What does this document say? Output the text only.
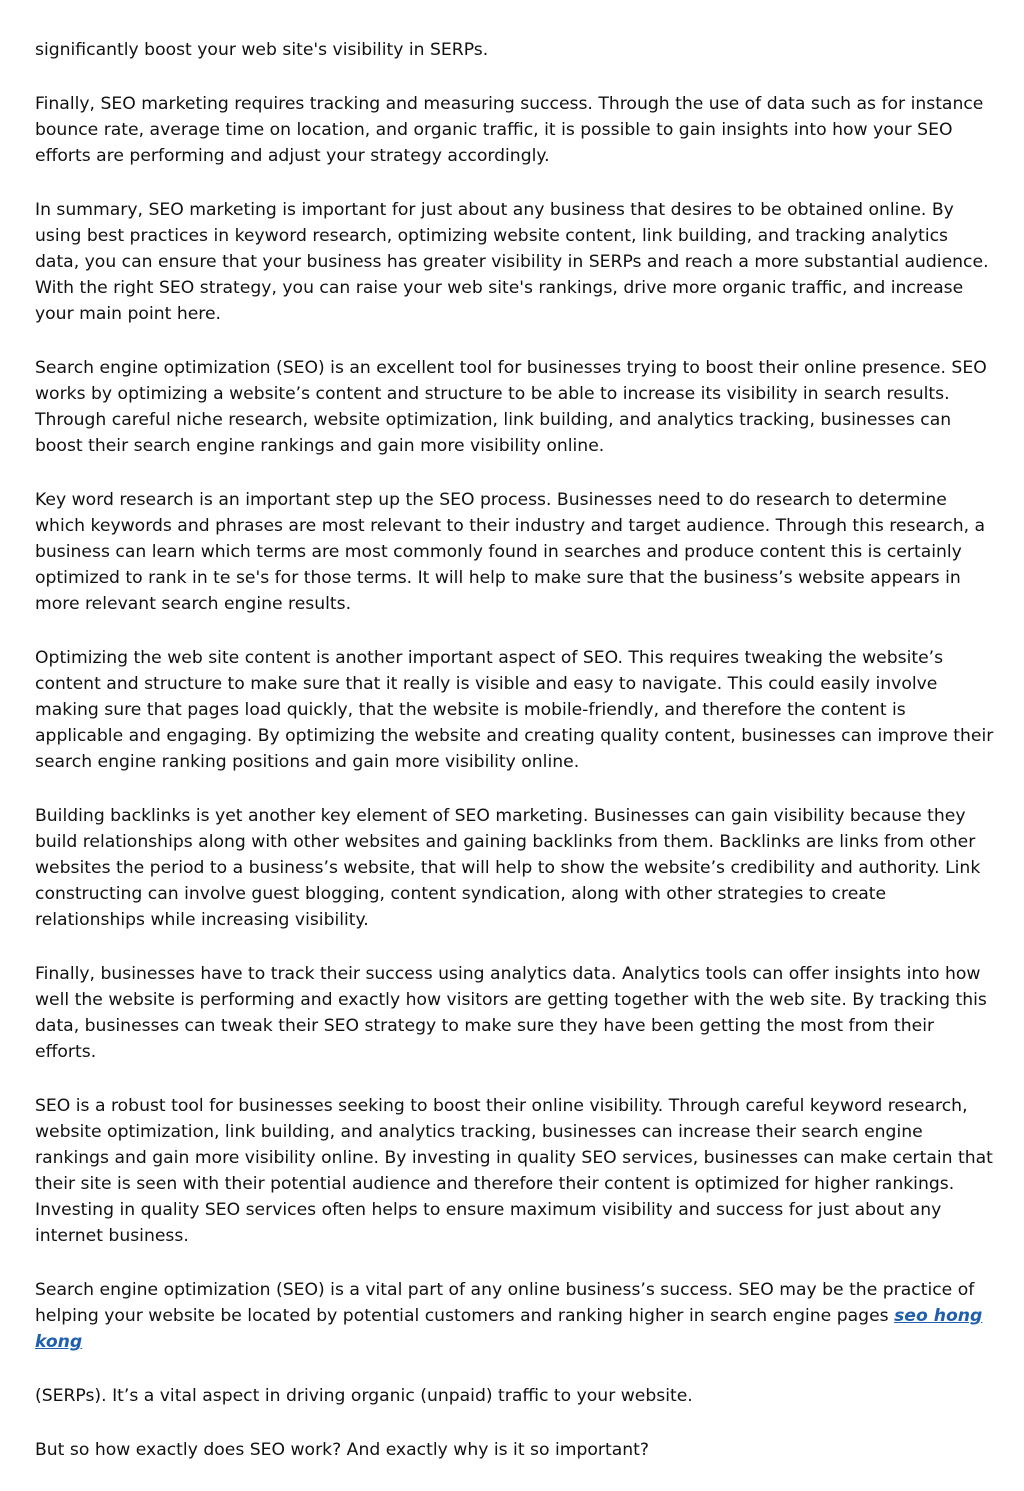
significantly boost your web site's visibility in SERPs.

Finally, SEO marketing requires tracking and measuring success. Through the use of data such as for instance bounce rate, average time on location, and organic traffic, it is possible to gain insights into how your SEO efforts are performing and adjust your strategy accordingly.

In summary, SEO marketing is important for just about any business that desires to be obtained online. By using best practices in keyword research, optimizing website content, link building, and tracking analytics data, you can ensure that your business has greater visibility in SERPs and reach a more substantial audience. With the right SEO strategy, you can raise your web site's rankings, drive more organic traffic, and increase your main point here.

Search engine optimization (SEO) is an excellent tool for businesses trying to boost their online presence. SEO works by optimizing a website’s content and structure to be able to increase its visibility in search results. Through careful niche research, website optimization, link building, and analytics tracking, businesses can boost their search engine rankings and gain more visibility online.

Key word research is an important step up the SEO process. Businesses need to do research to determine which keywords and phrases are most relevant to their industry and target audience. Through this research, a business can learn which terms are most commonly found in searches and produce content this is certainly optimized to rank in te se's for those terms. It will help to make sure that the business’s website appears in more relevant search engine results.

Optimizing the web site content is another important aspect of SEO. This requires tweaking the website’s content and structure to make sure that it really is visible and easy to navigate. This could easily involve making sure that pages load quickly, that the website is mobile-friendly, and therefore the content is applicable and engaging. By optimizing the website and creating quality content, businesses can improve their search engine ranking positions and gain more visibility online.

Building backlinks is yet another key element of SEO marketing. Businesses can gain visibility because they build relationships along with other websites and gaining backlinks from them. Backlinks are links from other websites the period to a business’s website, that will help to show the website’s credibility and authority. Link constructing can involve guest blogging, content syndication, along with other strategies to create relationships while increasing visibility.

Finally, businesses have to track their success using analytics data. Analytics tools can offer insights into how well the website is performing and exactly how visitors are getting together with the web site. By tracking this data, businesses can tweak their SEO strategy to make sure they have been getting the most from their efforts.

SEO is a robust tool for businesses seeking to boost their online visibility. Through careful keyword research, website optimization, link building, and analytics tracking, businesses can increase their search engine rankings and gain more visibility online. By investing in quality SEO services, businesses can make certain that their site is seen with their potential audience and therefore their content is optimized for higher rankings. Investing in quality SEO services often helps to ensure maximum visibility and success for just about any internet business.

Search engine optimization (SEO) is a vital part of any online business’s success. SEO may be the practice of helping your website be located by potential customers and ranking higher in search engine pages seo hong kong

(SERPs). It’s a vital aspect in driving organic (unpaid) traffic to your website.

But so how exactly does SEO work? And exactly why is it so important?
